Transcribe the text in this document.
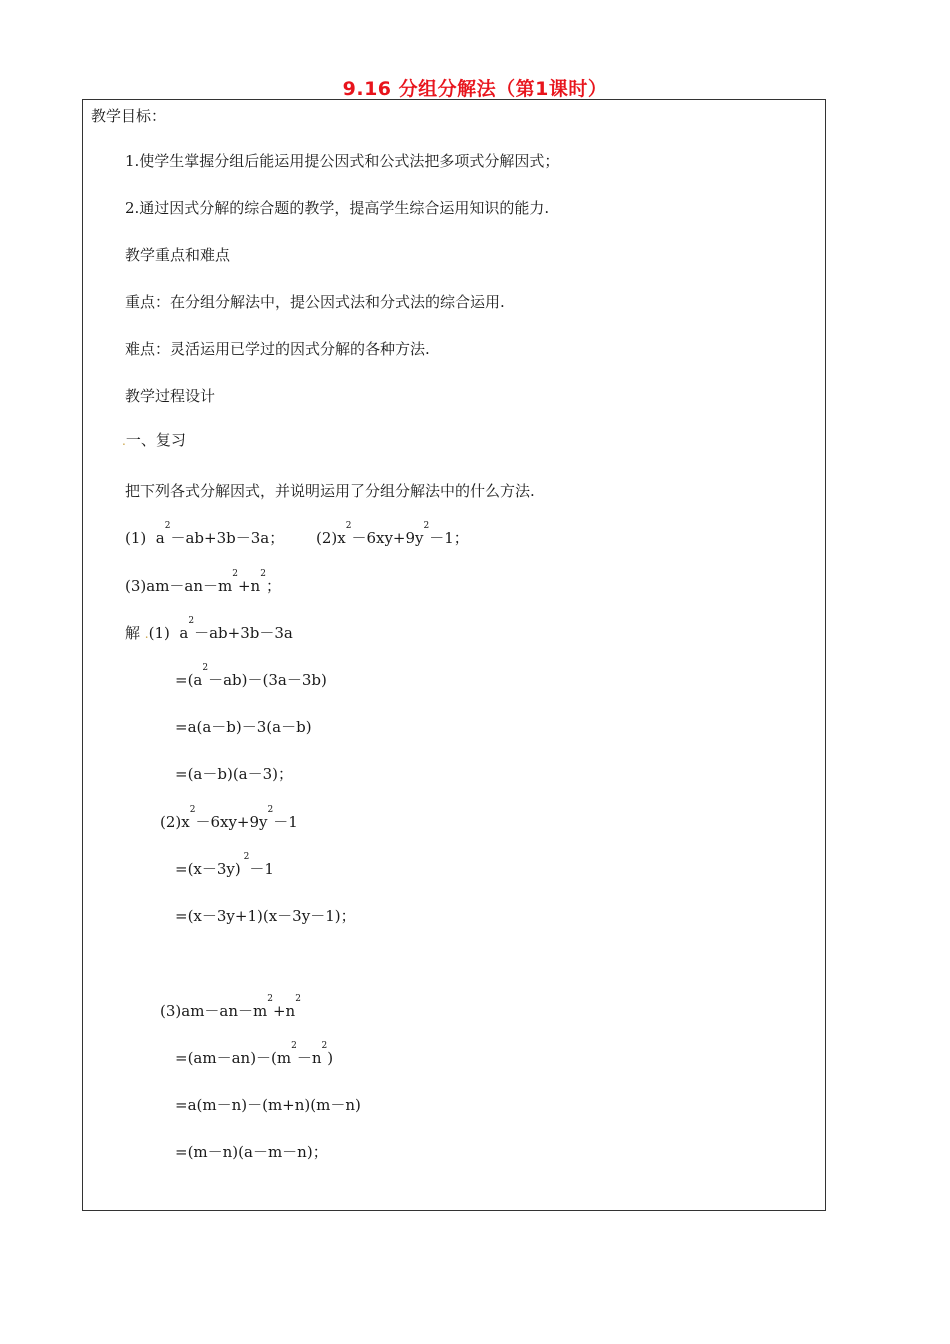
9.16 分组分解法（第1课时）
教学目标：
1.使学生掌握分组后能运用提公因式和公式法把多项式分解因式；
2.通过因式分解的综合题的教学，提高学生综合运用知识的能力.
教学重点和难点
重点：在分组分解法中，提公因式法和分式法的综合运用.
难点：灵活运用已学过的因式分解的各种方法.
教学过程设计
.一、复习
把下列各式分解因式，并说明运用了分组分解法中的什么方法.
(1)  $a^2-ab+3b-3a$； $(2)x^2-6xy+9y^2-1$；
$(3)am-an-m^2+n^2$；
解 .(1)  $a^2-ab+3b-3a$
$=(a^2-ab)-(3a-3b)$
=a(a－b)－3(a－b)
=(a－b)(a－3)；
$(2)x^2-6xy+9y^2-1$
=(x－3y) $^2$－1
=(x－3y+1)(x－3y－1)；
$(3)am-an-m^2+n^2$
$=(am-an)-(m^2-n^2)$
=a(m－n)－(m+n)(m－n)
=(m－n)(a－m－n)；
